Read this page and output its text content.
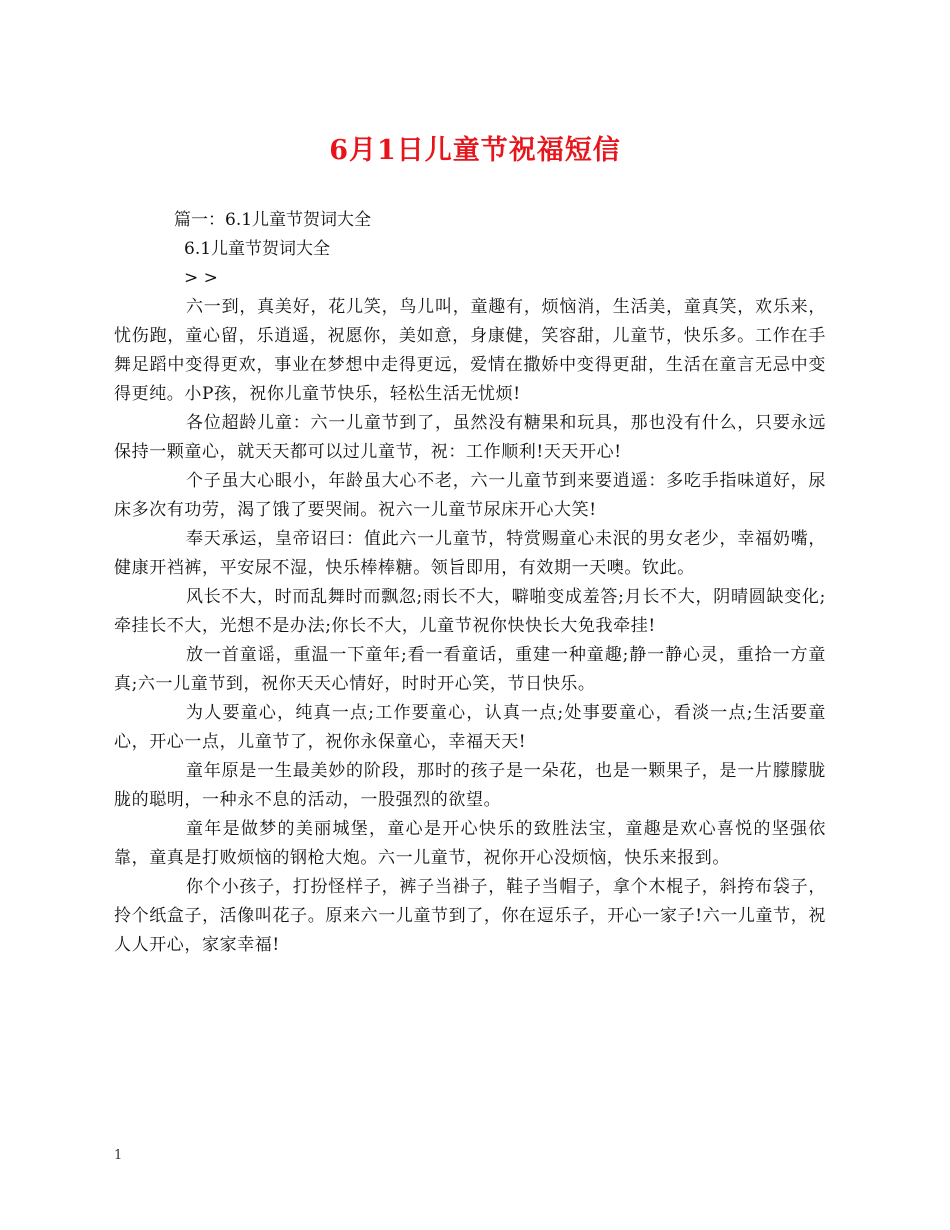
6月1日儿童节祝福短信

篇一：6.1儿童节贺词大全

6.1儿童节贺词大全

> >

六一到，真美好，花儿笑，鸟儿叫，童趣有，烦恼消，生活美，童真笑，欢乐来，忧伤跑，童心留，乐逍遥，祝愿你，美如意，身康健，笑容甜，儿童节，快乐多。工作在手舞足蹈中变得更欢，事业在梦想中走得更远，爱情在撒娇中变得更甜，生活在童言无忌中变得更纯。小P孩，祝你儿童节快乐，轻松生活无忧烦!

各位超龄儿童：六一儿童节到了，虽然没有糖果和玩具，那也没有什么，只要永远保持一颗童心，就天天都可以过儿童节，祝：工作顺利!天天开心!

个子虽大心眼小，年龄虽大心不老，六一儿童节到来要逍遥：多吃手指味道好，尿床多次有功劳，渴了饿了要哭闹。祝六一儿童节尿床开心大笑!

奉天承运，皇帝诏曰：值此六一儿童节，特赏赐童心未泯的男女老少，幸福奶嘴，健康开裆裤，平安尿不湿，快乐棒棒糖。领旨即用，有效期一天噢。钦此。

风长不大，时而乱舞时而飘忽;雨长不大，噼啪变成羞答;月长不大，阴晴圆缺变化;牵挂长不大，光想不是办法;你长不大，儿童节祝你快快长大免我牵挂!

放一首童谣，重温一下童年;看一看童话，重建一种童趣;静一静心灵，重拾一方童真;六一儿童节到，祝你天天心情好，时时开心笑，节日快乐。

为人要童心，纯真一点;工作要童心，认真一点;处事要童心，看淡一点;生活要童心，开心一点，儿童节了，祝你永保童心，幸福天天!

童年原是一生最美妙的阶段，那时的孩子是一朵花，也是一颗果子，是一片朦朦胧胧的聪明，一种永不息的活动，一股强烈的欲望。

童年是做梦的美丽城堡，童心是开心快乐的致胜法宝，童趣是欢心喜悦的坚强依靠，童真是打败烦恼的钢枪大炮。六一儿童节，祝你开心没烦恼，快乐来报到。

你个小孩子，打扮怪样子，裤子当褂子，鞋子当帽子，拿个木棍子，斜挎布袋子，拎个纸盒子，活像叫花子。原来六一儿童节到了，你在逗乐子，开心一家子!六一儿童节，祝人人开心，家家幸福!

1
